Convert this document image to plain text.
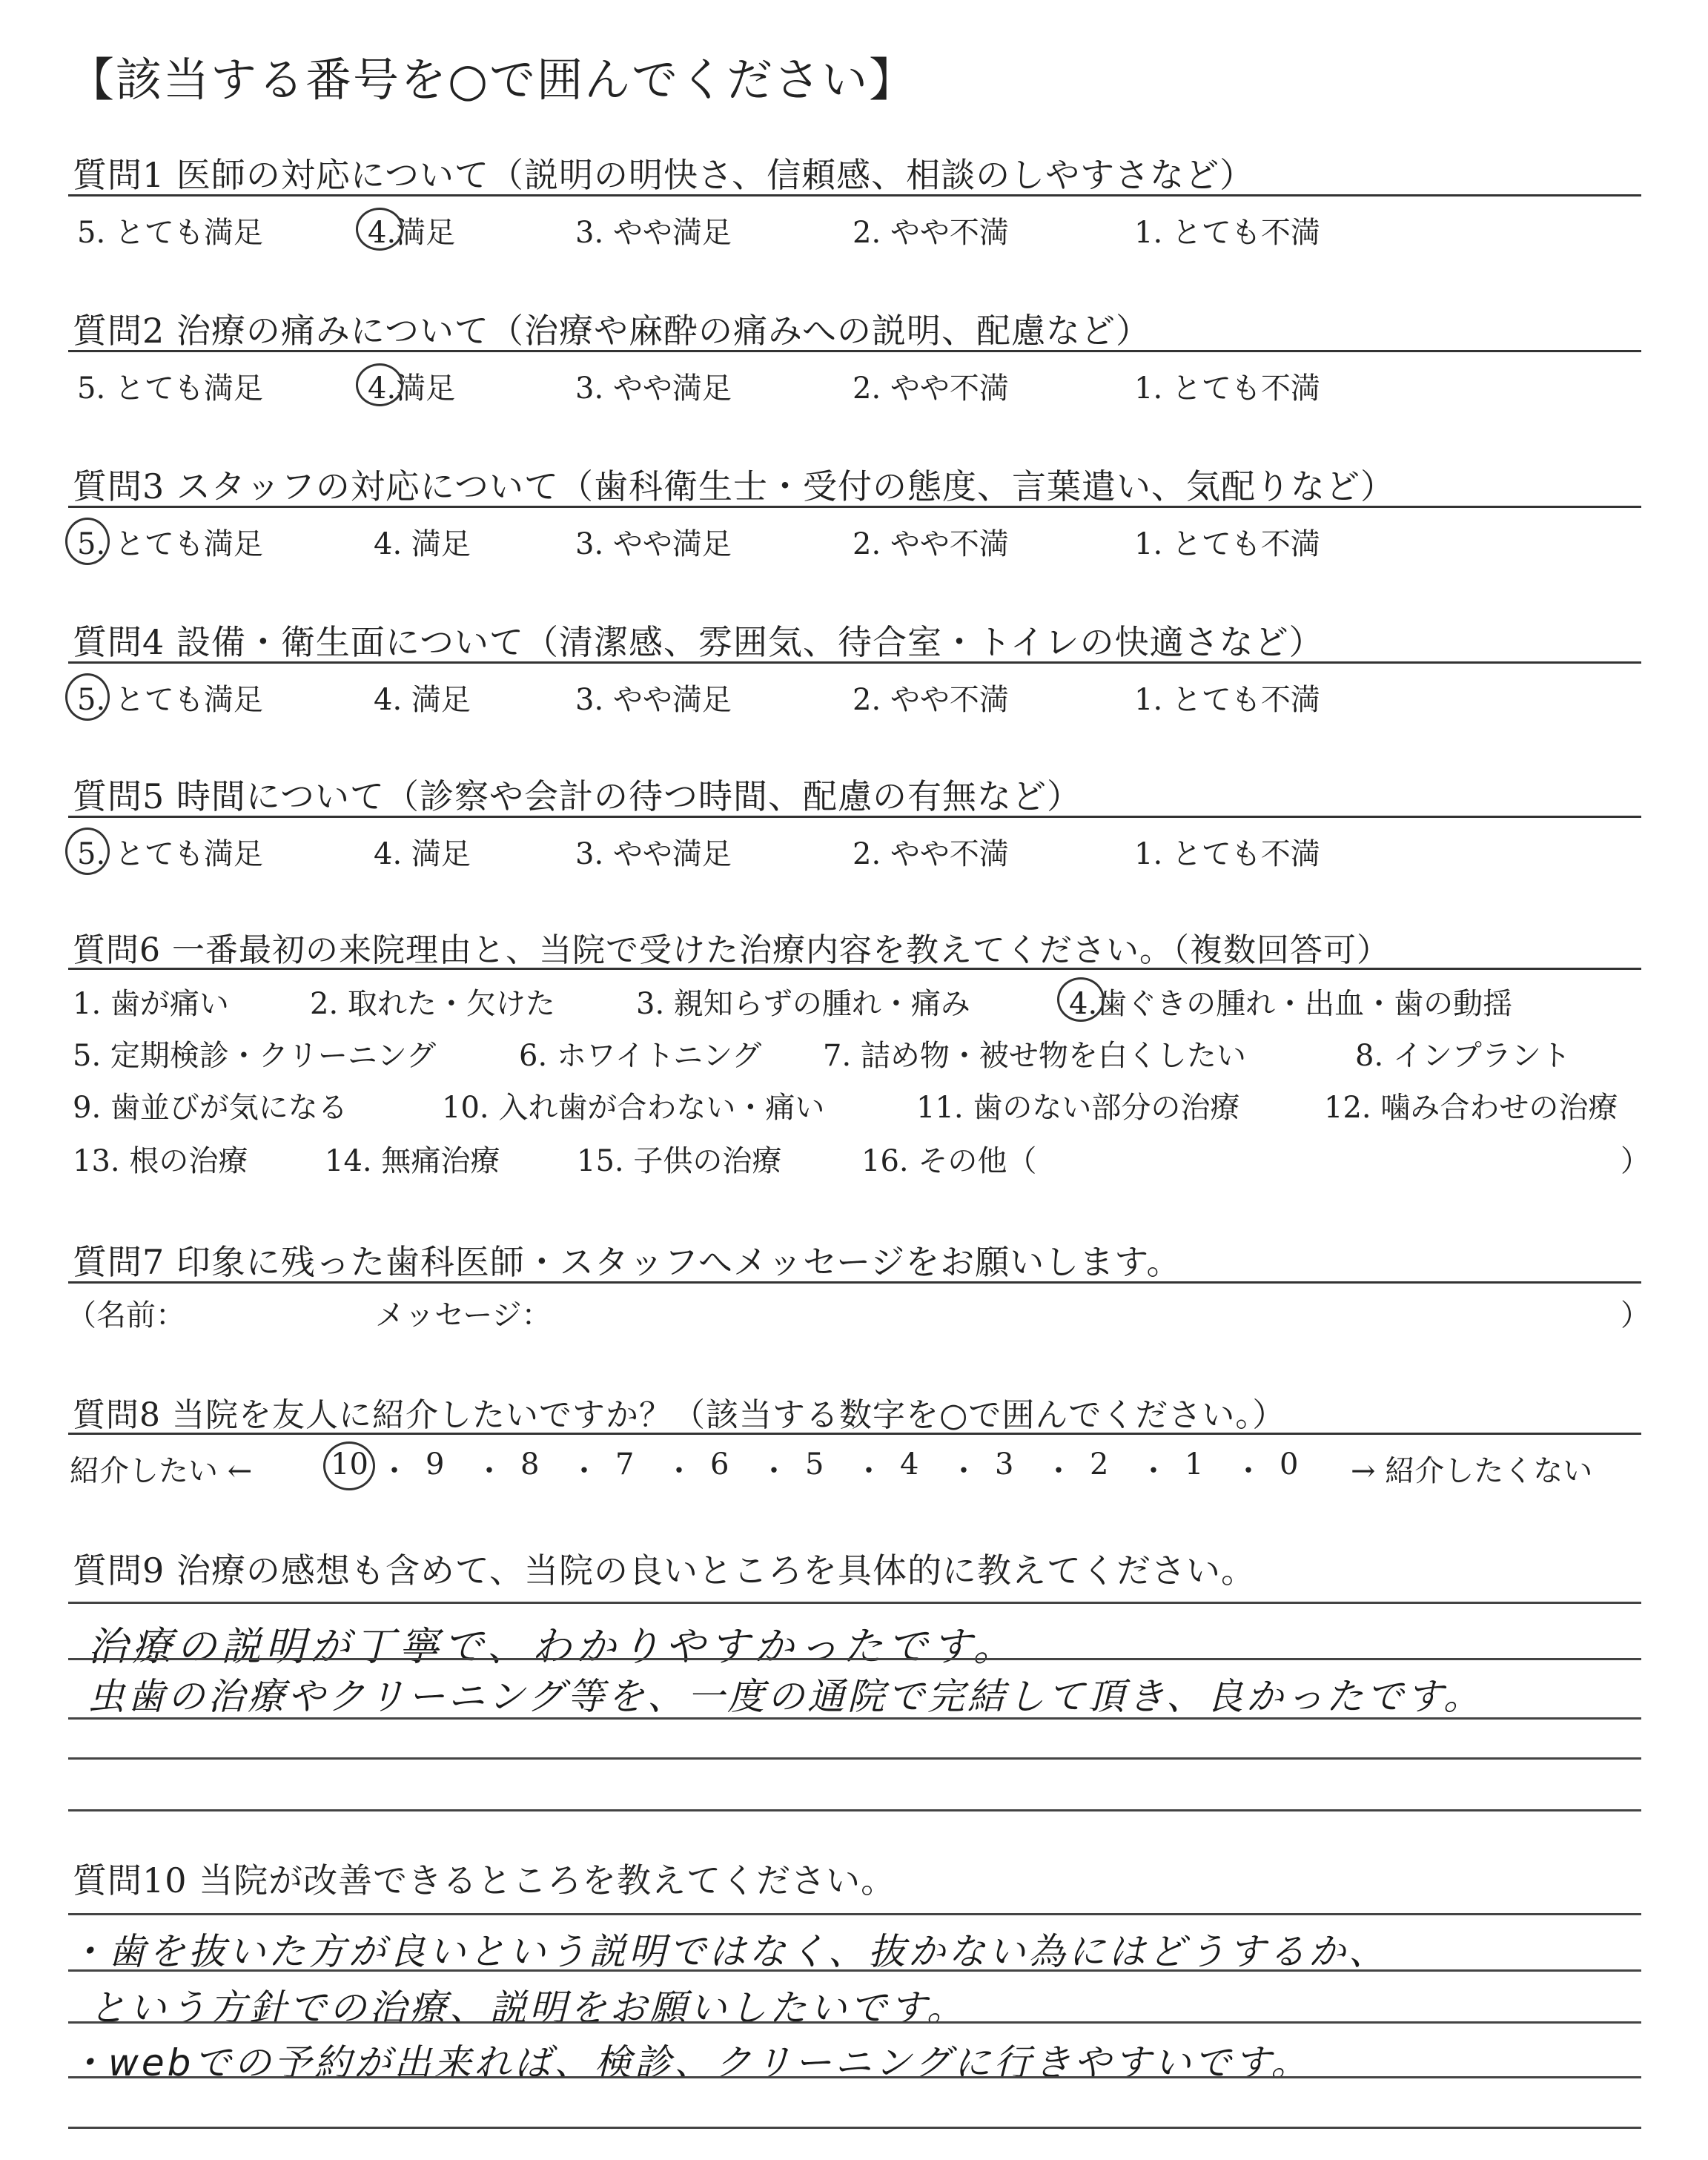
【該当する番号を○で囲んでください】
質問1 医師の対応について（説明の明快さ、信頼感、相談のしやすさなど）
5. とても満足	4.満足	3. やや満足	2. やや不満	1. とても不満
質問2 治療の痛みについて（治療や麻酔の痛みへの説明、配慮など）
5. とても満足	4.満足	3. やや満足	2. やや不満	1. とても不満
質問3 スタッフの対応について（歯科衛生士・受付の態度、言葉遣い、気配りなど）
5. とても満足	4. 満足	3. やや満足	2. やや不満	1. とても不満
質問4 設備・衛生面について（清潔感、雰囲気、待合室・トイレの快適さなど）
5. とても満足	4. 満足	3. やや満足	2. やや不満	1. とても不満
質問5 時間について（診察や会計の待つ時間、配慮の有無など）
5. とても満足	4. 満足	3. やや満足	2. やや不満	1. とても不満
質問6 一番最初の来院理由と、当院で受けた治療内容を教えてください。（複数回答可）
1. 歯が痛い	2. 取れた・欠けた	3. 親知らずの腫れ・痛み	4.歯ぐきの腫れ・出血・歯の動揺
5. 定期検診・クリーニング	6. ホワイトニング 7. 詰め物・被せ物を白くしたい	8. インプラント
9. 歯並びが気になる	10. 入れ歯が合わない・痛い	11. 歯のない部分の治療	12. 噛み合わせの治療
13. 根の治療	14. 無痛治療	15. 子供の治療	16. その他（	）
質問7 印象に残った歯科医師・スタッフへメッセージをお願いします。
（名前：	メッセージ：	）
質問8 当院を友人に紹介したいですか？（該当する数字を○で囲んでください。）
紹介したい ←	10 ・ 9 ・ 8 ・ 7 ・ 6 ・ 5 ・ 4 ・ 3 ・ 2 ・ 1 ・ 0 → 紹介したくない
質問9 治療の感想も含めて、当院の良いところを具体的に教えてください。
治療の説明が丁寧で、わかりやすかったです。
虫歯の治療やクリーニング等を、一度の通院で完結して頂き、良かったです。
質問10 当院が改善できるところを教えてください。
・歯を抜いた方が良いという説明ではなく、抜かない為にはどうするか、
という方針での治療、説明をお願いしたいです。
・webでの予約が出来れば、検診、クリーニングに行きやすいです。
